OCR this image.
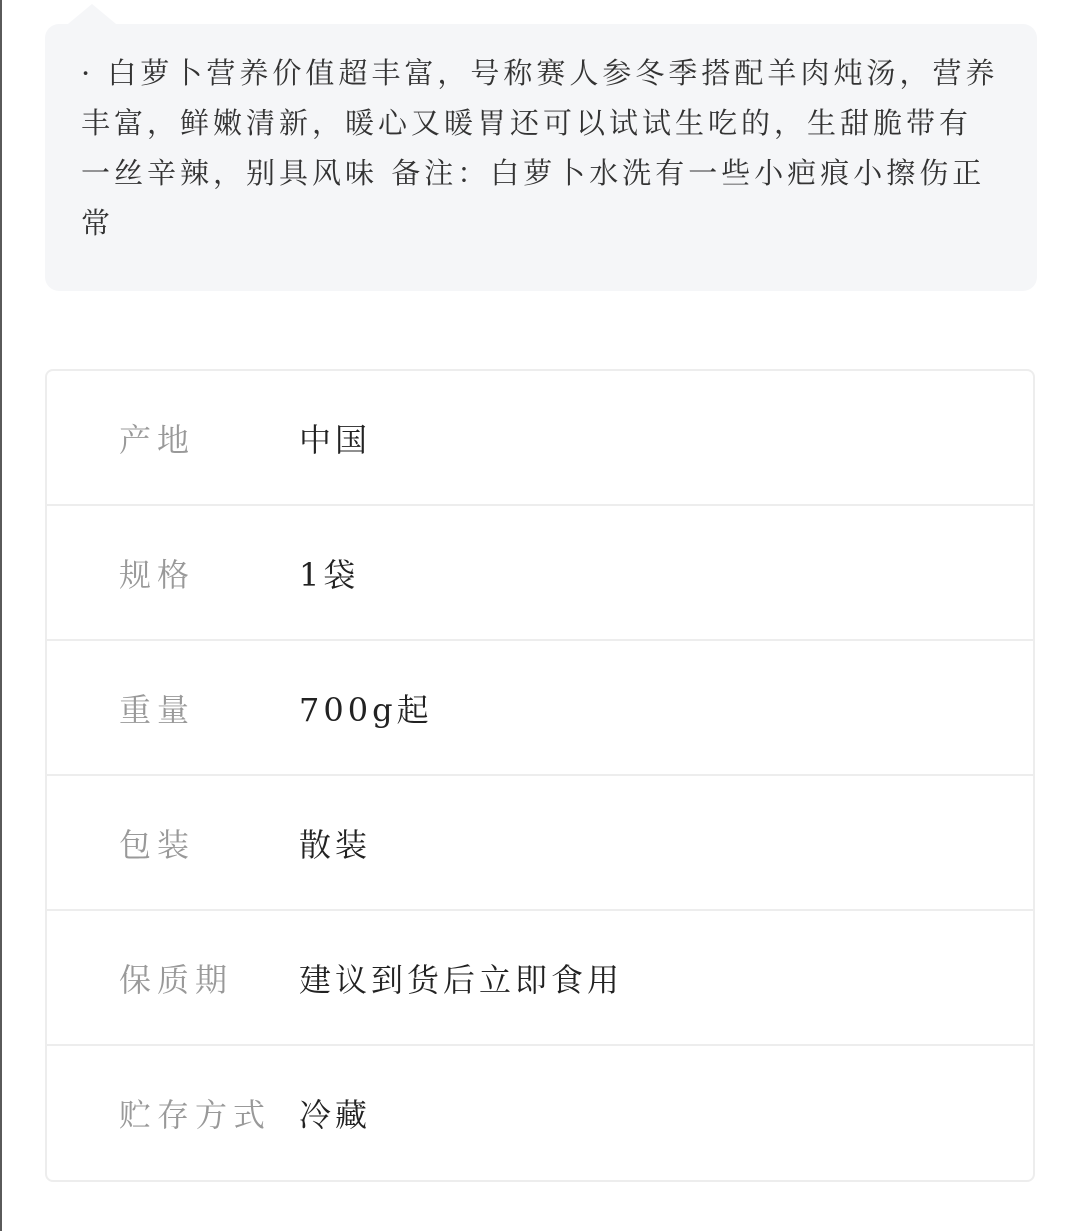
· 白萝卜营养价值超丰富，号称赛人参冬季搭配羊肉炖汤，营养丰富，鲜嫩清新，暖心又暖胃还可以试试生吃的，生甜脆带有一丝辛辣，别具风味 备注：白萝卜水洗有一些小疤痕小擦伤正常

产地	中国
规格	1袋
重量	700g起
包装	散装
保质期	建议到货后立即食用
贮存方式 冷藏
